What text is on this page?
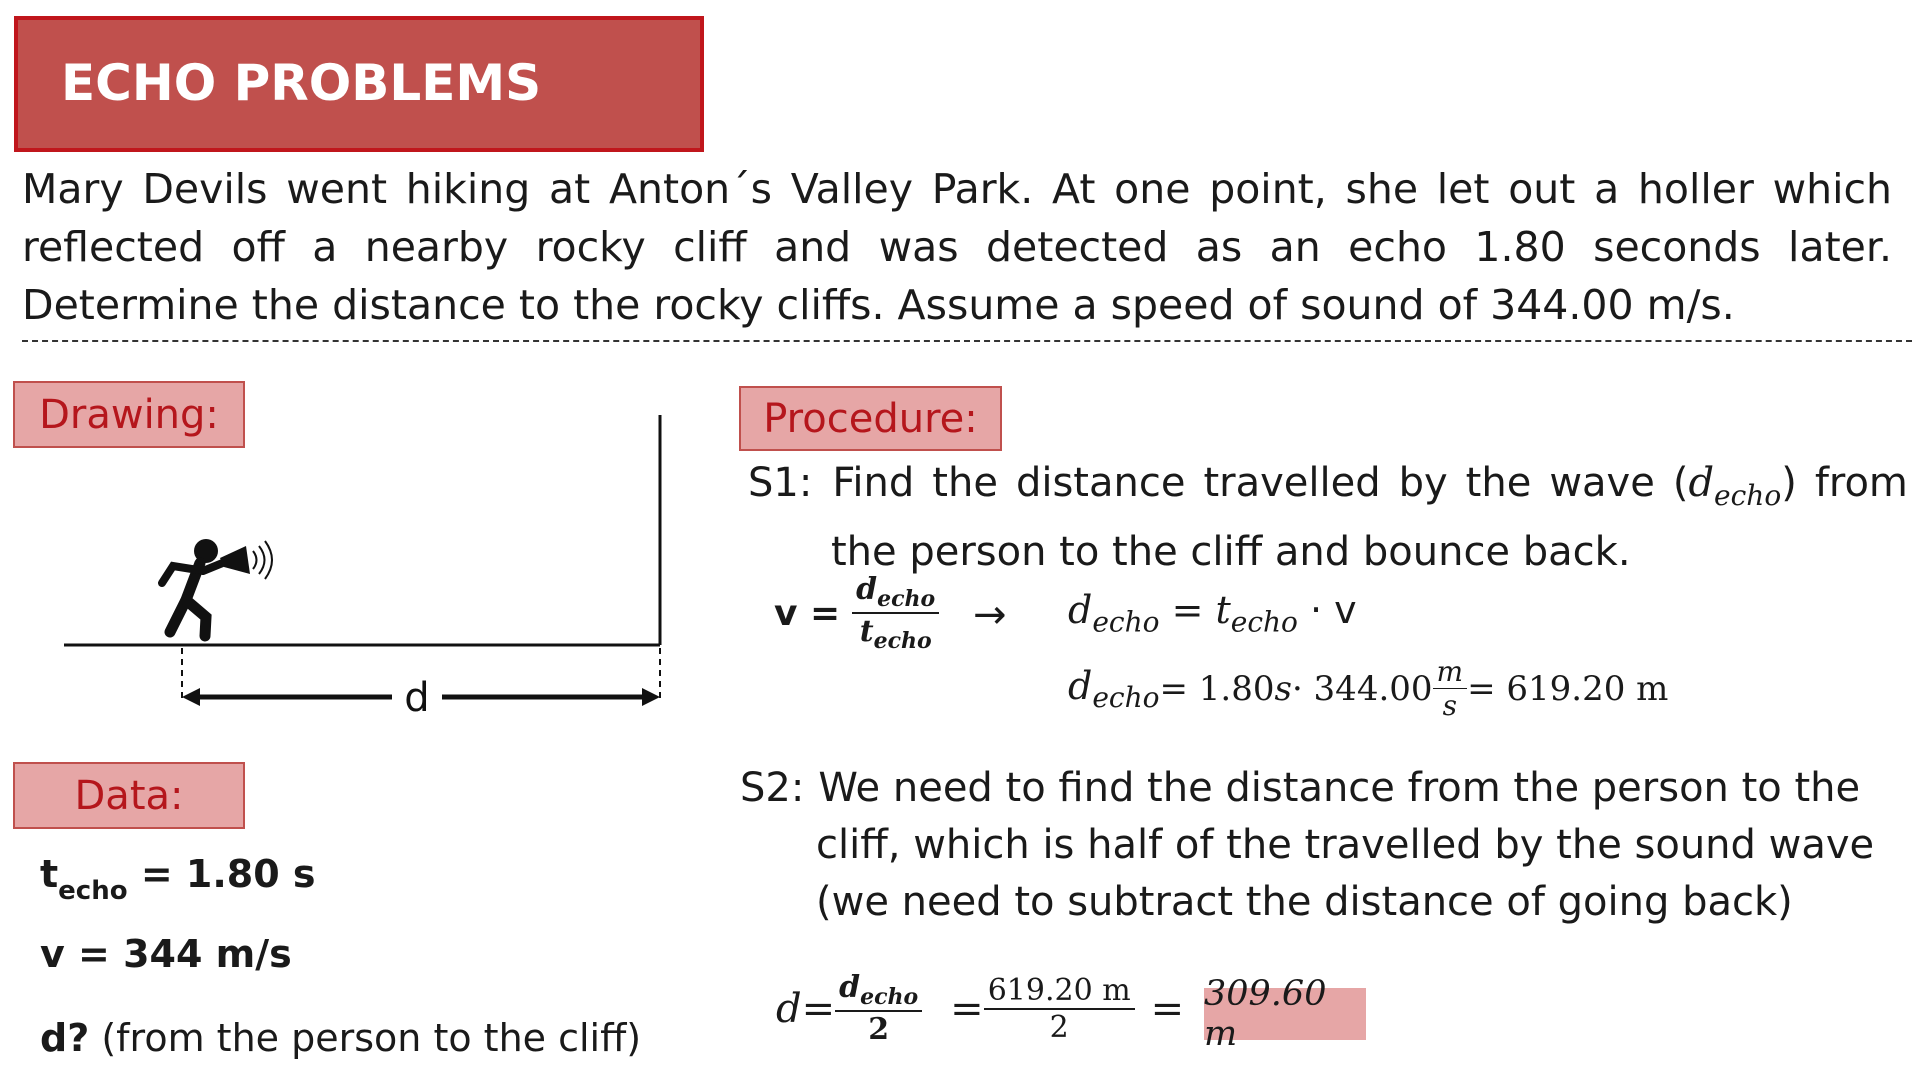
ECHO PROBLEMS
Mary Devils went hiking at Anton´s Valley Park. At one point, she let out a holler which reflected off a nearby rocky cliff and was detected as an echo 1.80 seconds later. Determine the distance to the rocky cliffs. Assume a speed of sound of 344.00 m/s.
Drawing:
d
Data:
$t_{echo} = 1.80$ s
v = 344 m/s
d? (from the person to the cliff)
Procedure:
S1: Find the distance travelled by the wave $(d_{echo})$ from
the person to the cliff and bounce back.
$v = \frac{d_{echo}}{t_{echo}} \to d_{echo} = t_{echo} \cdot v$
$d_{echo} = 1.80$ $s \cdot 344.00 \frac{m}{s} = 619.20$ m
S2: We need to find the distance from the person to the
cliff, which is half of the travelled by the sound wave
(we need to subtract the distance of going back)
$d = \frac{d_{echo}}{2} = \frac{619.20 m}{2} = 309.60$ m
